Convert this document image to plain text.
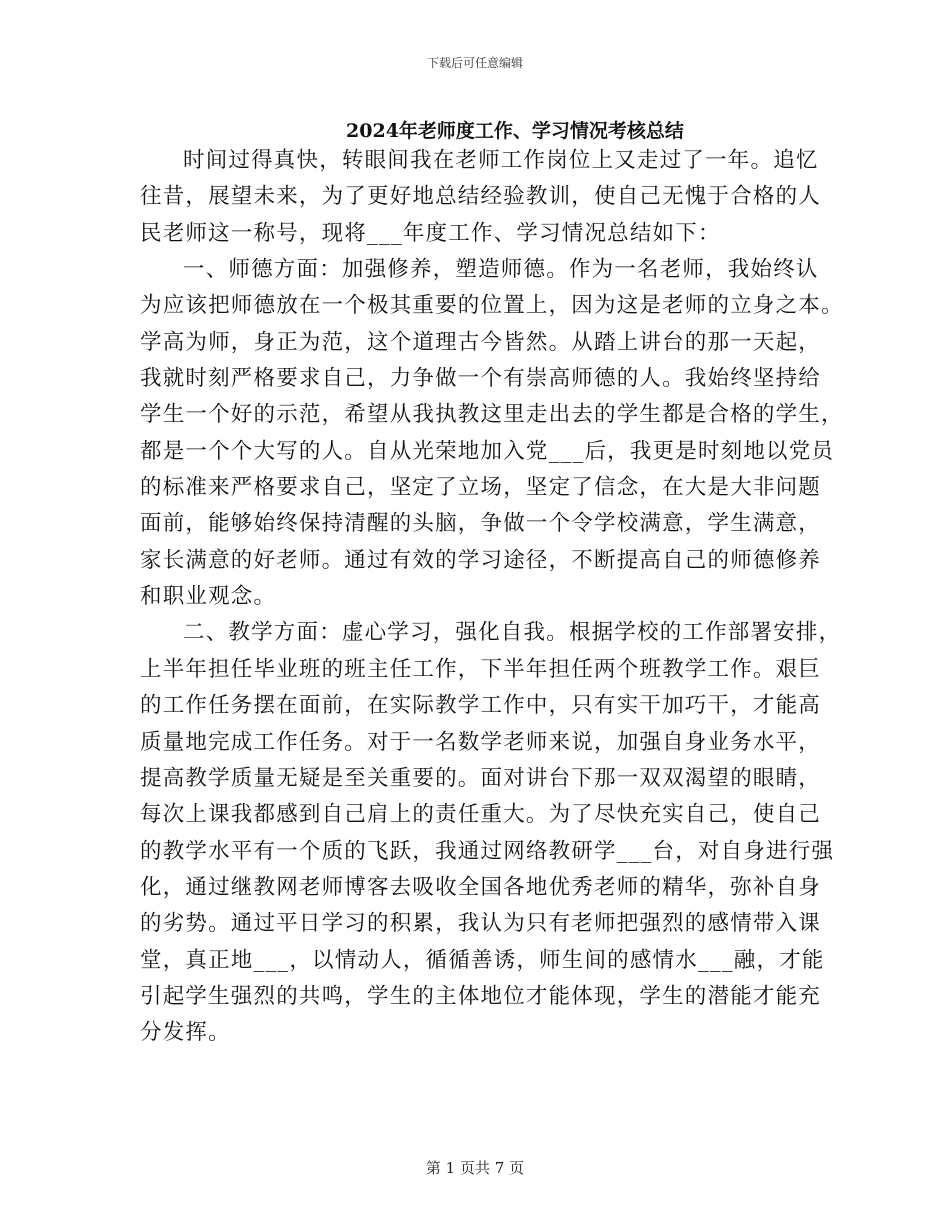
下载后可任意编辑
2024年老师度工作、学习情况考核总结
时间过得真快，转眼间我在老师工作岗位上又走过了一年。追忆
往昔，展望未来，为了更好地总结经验教训，使自己无愧于合格的人
民老师这一称号，现将___年度工作、学习情况总结如下：
一、师德方面：加强修养，塑造师德。作为一名老师，我始终认
为应该把师德放在一个极其重要的位置上，因为这是老师的立身之本。
学高为师，身正为范，这个道理古今皆然。从踏上讲台的那一天起，
我就时刻严格要求自己，力争做一个有崇高师德的人。我始终坚持给
学生一个好的示范，希望从我执教这里走出去的学生都是合格的学生，
都是一个个大写的人。自从光荣地加入党___后，我更是时刻地以党员
的标准来严格要求自己，坚定了立场，坚定了信念，在大是大非问题
面前，能够始终保持清醒的头脑，争做一个令学校满意，学生满意，
家长满意的好老师。通过有效的学习途径，不断提高自己的师德修养
和职业观念。
二、教学方面：虚心学习，强化自我。根据学校的工作部署安排，
上半年担任毕业班的班主任工作，下半年担任两个班教学工作。艰巨
的工作任务摆在面前，在实际教学工作中，只有实干加巧干，才能高
质量地完成工作任务。对于一名数学老师来说，加强自身业务水平，
提高教学质量无疑是至关重要的。面对讲台下那一双双渴望的眼睛，
每次上课我都感到自己肩上的责任重大。为了尽快充实自己，使自己
的教学水平有一个质的飞跃，我通过网络教研学___台，对自身进行强
化，通过继教网老师博客去吸收全国各地优秀老师的精华，弥补自身
的劣势。通过平日学习的积累，我认为只有老师把强烈的感情带入课
堂，真正地___，以情动人，循循善诱，师生间的感情水___融，才能
引起学生强烈的共鸣，学生的主体地位才能体现，学生的潜能才能充
分发挥。
第 1 页共 7 页
